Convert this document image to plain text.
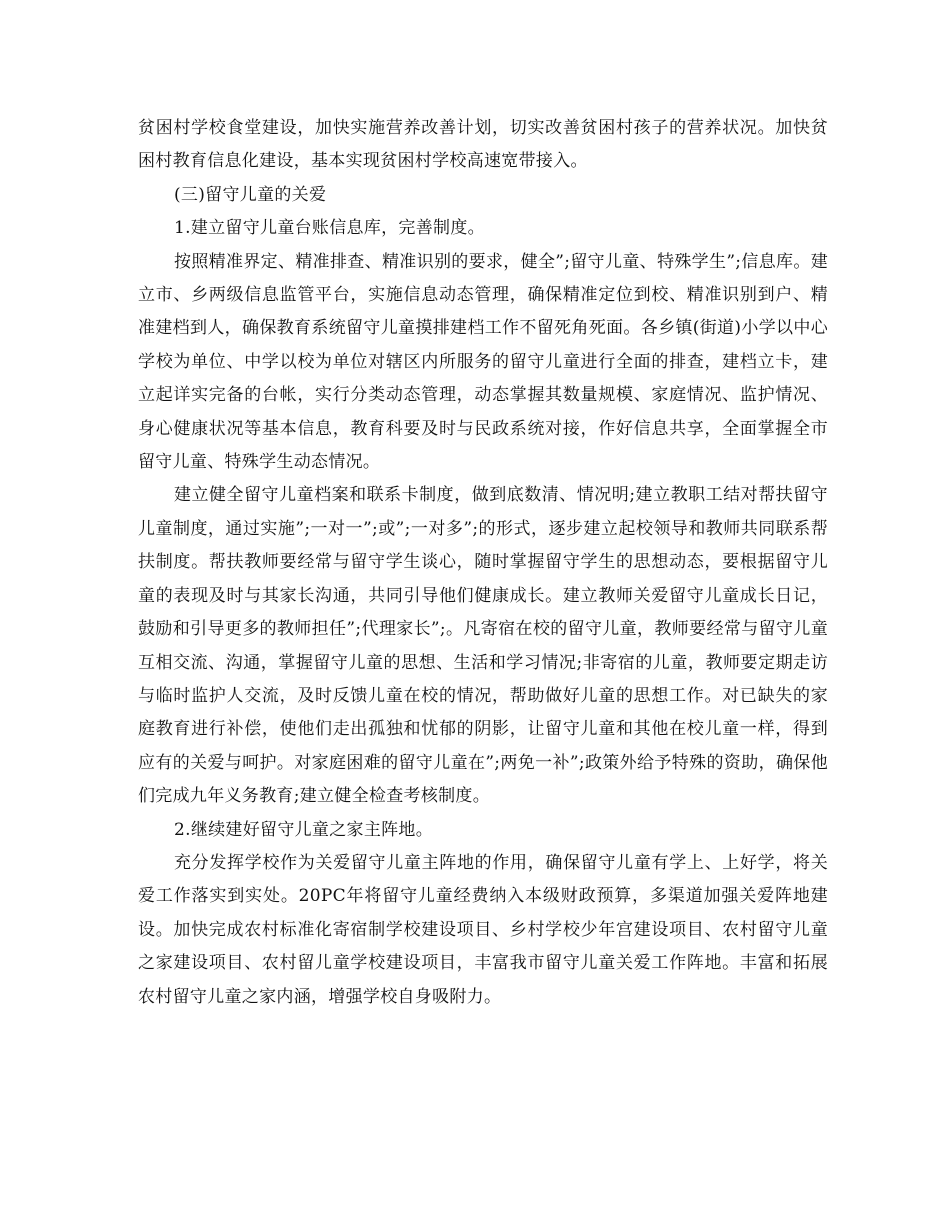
贫困村学校食堂建设，加快实施营养改善计划，切实改善贫困村孩子的营养状况。加快贫困村教育信息化建设，基本实现贫困村学校高速宽带接入。

(三)留守儿童的关爱

1.建立留守儿童台账信息库，完善制度。

按照精准界定、精准排查、精准识别的要求，健全”;留守儿童、特殊学生”;信息库。建立市、乡两级信息监管平台，实施信息动态管理，确保精准定位到校、精准识别到户、精准建档到人，确保教育系统留守儿童摸排建档工作不留死角死面。各乡镇(街道)小学以中心学校为单位、中学以校为单位对辖区内所服务的留守儿童进行全面的排查，建档立卡，建立起详实完备的台帐，实行分类动态管理，动态掌握其数量规模、家庭情况、监护情况、身心健康状况等基本信息，教育科要及时与民政系统对接，作好信息共享，全面掌握全市留守儿童、特殊学生动态情况。

建立健全留守儿童档案和联系卡制度，做到底数清、情况明;建立教职工结对帮扶留守儿童制度，通过实施”;一对一”;或”;一对多”;的形式，逐步建立起校领导和教师共同联系帮扶制度。帮扶教师要经常与留守学生谈心，随时掌握留守学生的思想动态，要根据留守儿童的表现及时与其家长沟通，共同引导他们健康成长。建立教师关爱留守儿童成长日记，鼓励和引导更多的教师担任”;代理家长”;。凡寄宿在校的留守儿童，教师要经常与留守儿童互相交流、沟通，掌握留守儿童的思想、生活和学习情况;非寄宿的儿童，教师要定期走访与临时监护人交流，及时反馈儿童在校的情况，帮助做好儿童的思想工作。对已缺失的家庭教育进行补偿，使他们走出孤独和忧郁的阴影，让留守儿童和其他在校儿童一样，得到应有的关爱与呵护。对家庭困难的留守儿童在”;两免一补”;政策外给予特殊的资助，确保他们完成九年义务教育;建立健全检查考核制度。

2.继续建好留守儿童之家主阵地。

充分发挥学校作为关爱留守儿童主阵地的作用，确保留守儿童有学上、上好学，将关爱工作落实到实处。20PC年将留守儿童经费纳入本级财政预算，多渠道加强关爱阵地建设。加快完成农村标准化寄宿制学校建设项目、乡村学校少年宫建设项目、农村留守儿童之家建设项目、农村留儿童学校建设项目，丰富我市留守儿童关爱工作阵地。丰富和拓展农村留守儿童之家内涵，增强学校自身吸附力。
